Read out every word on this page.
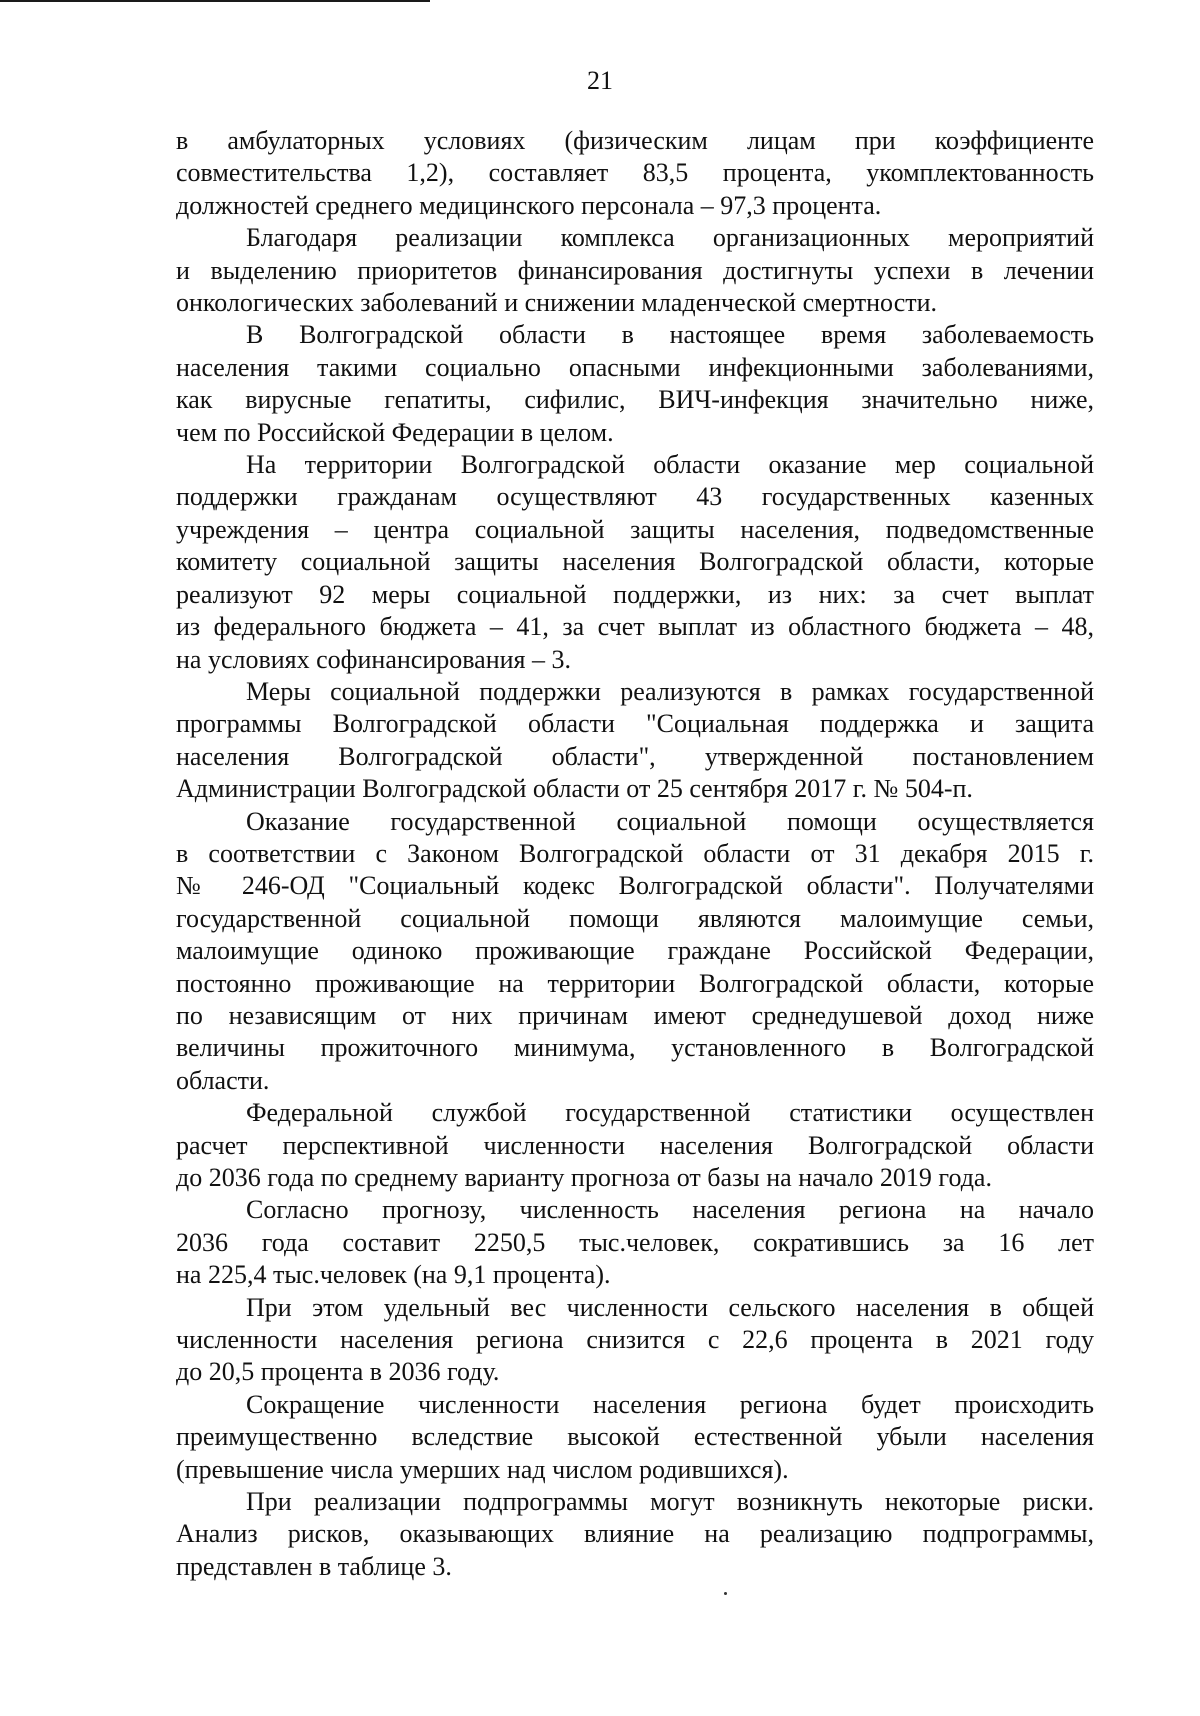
21
в амбулаторных условиях (физическим лицам при коэффициенте
совместительства 1,2), составляет 83,5 процента, укомплектованность
должностей среднего медицинского персонала – 97,3 процента.
Благодаря реализации комплекса организационных мероприятий
и выделению приоритетов финансирования достигнуты успехи в лечении
онкологических заболеваний и снижении младенческой смертности.
В Волгоградской области в настоящее время заболеваемость
населения такими социально опасными инфекционными заболеваниями,
как вирусные гепатиты, сифилис, ВИЧ-инфекция значительно ниже,
чем по Российской Федерации в целом.
На территории Волгоградской области оказание мер социальной
поддержки гражданам осуществляют 43 государственных казенных
учреждения – центра социальной защиты населения, подведомственные
комитету социальной защиты населения Волгоградской области, которые
реализуют 92 меры социальной поддержки, из них: за счет выплат
из федерального бюджета – 41, за счет выплат из областного бюджета – 48,
на условиях софинансирования – 3.
Меры социальной поддержки реализуются в рамках государственной
программы Волгоградской области "Социальная поддержка и защита
населения Волгоградской области", утвержденной постановлением
Администрации Волгоградской области от 25 сентября 2017 г. № 504-п.
Оказание государственной социальной помощи осуществляется
в соответствии с Законом Волгоградской области от 31 декабря 2015 г.
№ 246-ОД "Социальный кодекс Волгоградской области". Получателями
государственной социальной помощи являются малоимущие семьи,
малоимущие одиноко проживающие граждане Российской Федерации,
постоянно проживающие на территории Волгоградской области, которые
по независящим от них причинам имеют среднедушевой доход ниже
величины прожиточного минимума, установленного в Волгоградской
области.
Федеральной службой государственной статистики осуществлен
расчет перспективной численности населения Волгоградской области
до 2036 года по среднему варианту прогноза от базы на начало 2019 года.
Согласно прогнозу, численность населения региона на начало
2036 года составит 2250,5 тыс.человек, сократившись за 16 лет
на 225,4 тыс.человек (на 9,1 процента).
При этом удельный вес численности сельского населения в общей
численности населения региона снизится с 22,6 процента в 2021 году
до 20,5 процента в 2036 году.
Сокращение численности населения региона будет происходить
преимущественно вследствие высокой естественной убыли населения
(превышение числа умерших над числом родившихся).
При реализации подпрограммы могут возникнуть некоторые риски.
Анализ рисков, оказывающих влияние на реализацию подпрограммы,
представлен в таблице 3.
